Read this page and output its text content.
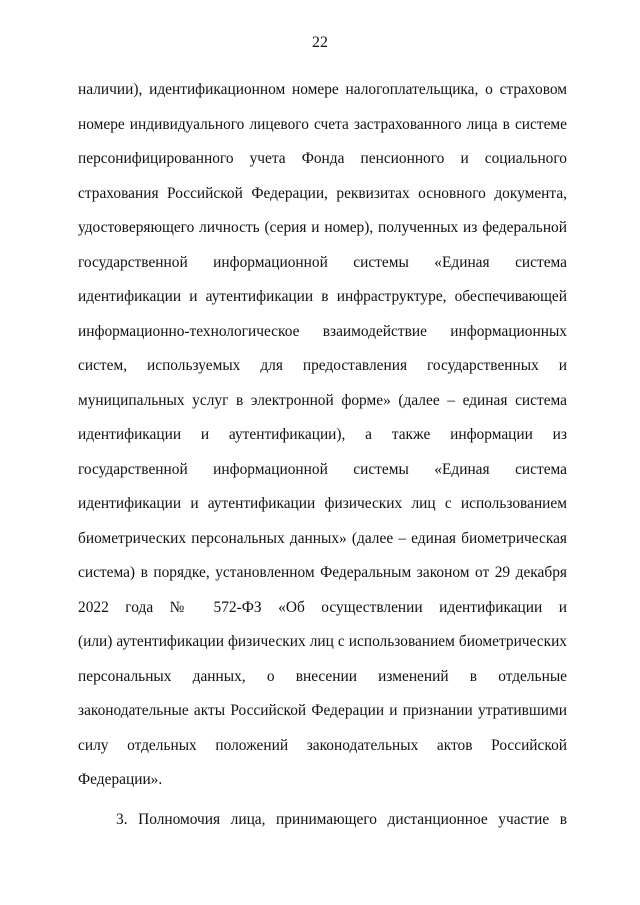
22
наличии), идентификационном номере налогоплательщика, о страховом
номере индивидуального лицевого счета застрахованного лица в системе
персонифицированного учета Фонда пенсионного и социального
страхования Российской Федерации, реквизитах основного документа,
удостоверяющего личность (серия и номер), полученных из федеральной
государственной информационной системы «Единая система
идентификации и аутентификации в инфраструктуре, обеспечивающей
информационно-технологическое взаимодействие информационных
систем, используемых для предоставления государственных и
муниципальных услуг в электронной форме» (далее – единая система
идентификации и аутентификации), а также информации из
государственной информационной системы «Единая система
идентификации и аутентификации физических лиц с использованием
биометрических персональных данных» (далее – единая биометрическая
система) в порядке, установленном Федеральным законом от 29 декабря
2022 года № 572-ФЗ «Об осуществлении идентификации и
(или) аутентификации физических лиц с использованием биометрических
персональных данных, о внесении изменений в отдельные
законодательные акты Российской Федерации и признании утратившими
силу отдельных положений законодательных актов Российской
Федерации».
3. Полномочия лица, принимающего дистанционное участие в
